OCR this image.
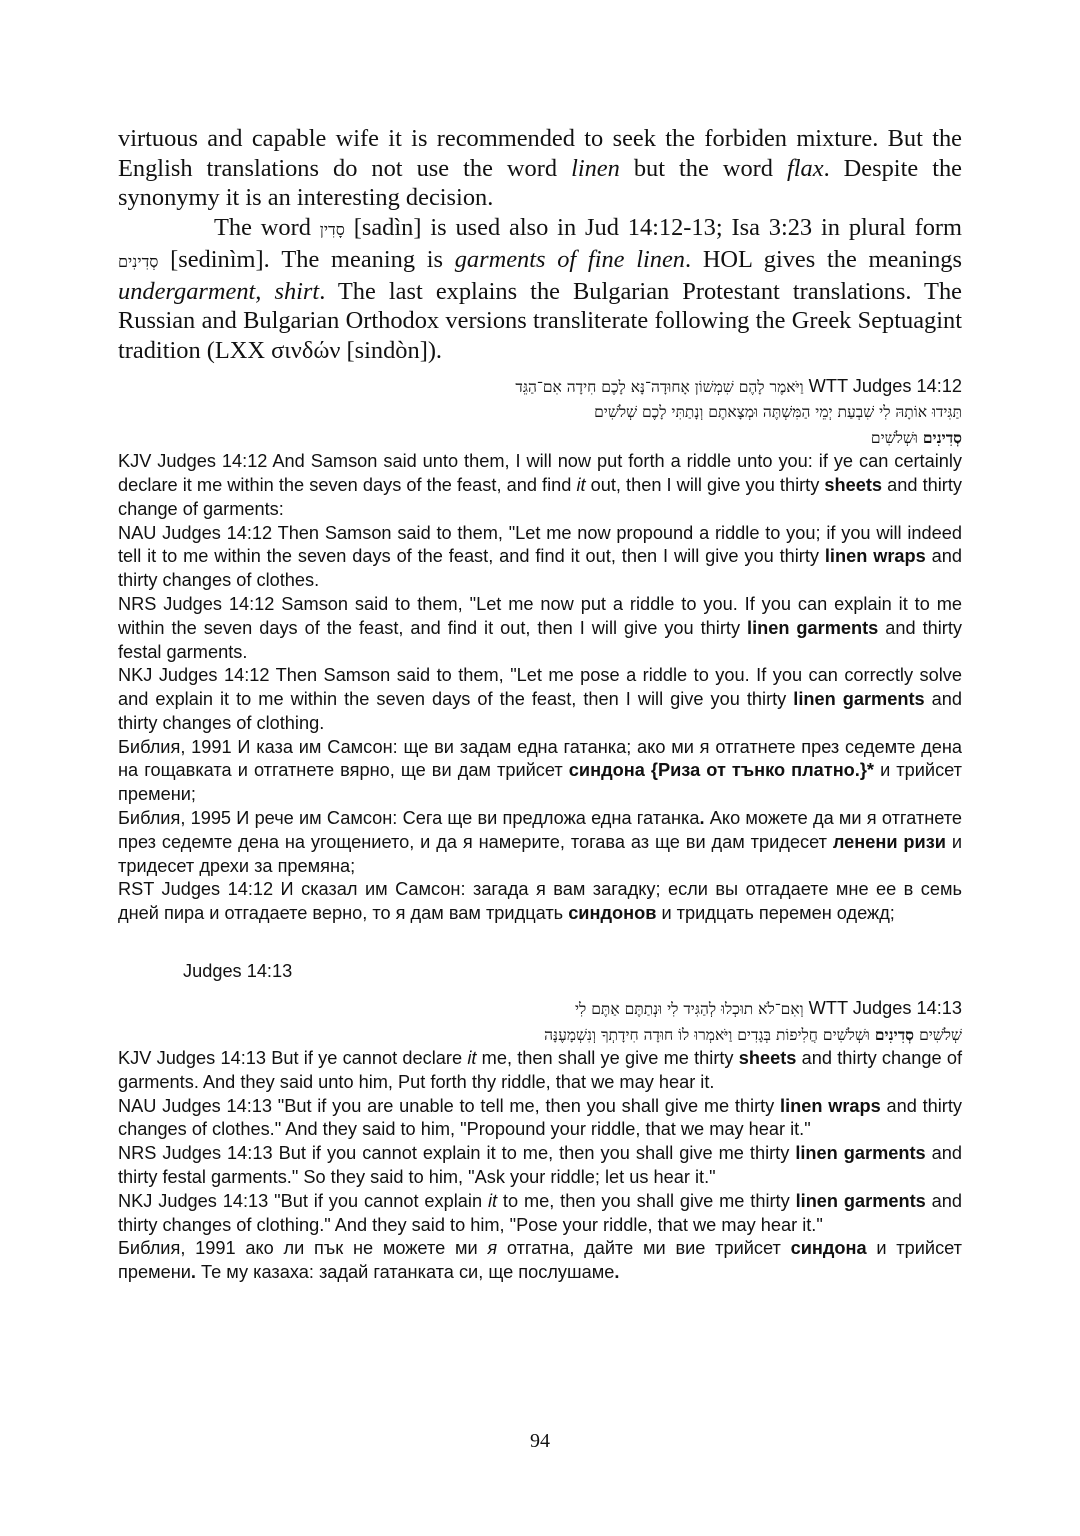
virtuous and capable wife it is recommended to seek the forbiden mixture. But the English translations do not use the word linen but the word flax. Despite the synonymy it is an interesting decision.

The word סָדִין [sadìn] is used also in Jud 14:12-13; Isa 3:23 in plural form סְדִינִים [sedinìm]. The meaning is garments of fine linen. HOL gives the meanings undergarment, shirt. The last explains the Bulgarian Protestant translations. The Russian and Bulgarian Orthodox versions transliterate following the Greek Septuagint tradition (LXX σινδών [sindòn]).

וַיֹּאמֶר לָהֶם שִׁמְשׁוֹן אָחוּדָה־נָּא לָכֶם חִידָה אִם־הַגֵּד WTT Judges 14:12
תַּגִּידוּ אוֹתָהּ לִי שִׁבְעַת יְמֵי הַמִּשְׁתֶּה וּמְצָאתֶם וְנָתַתִּי לָכֶם שְׁלֹשִׁים
וּשְׁלֹשִׁים סְדִינִים

KJV Judges 14:12 And Samson said unto them, I will now put forth a riddle unto you: if ye can certainly declare it me within the seven days of the feast, and find it out, then I will give you thirty sheets and thirty change of garments:

NAU Judges 14:12 Then Samson said to them, "Let me now propound a riddle to you; if you will indeed tell it to me within the seven days of the feast, and find it out, then I will give you thirty linen wraps and thirty changes of clothes.

NRS Judges 14:12 Samson said to them, "Let me now put a riddle to you. If you can explain it to me within the seven days of the feast, and find it out, then I will give you thirty linen garments and thirty festal garments.

NKJ Judges 14:12 Then Samson said to them, "Let me pose a riddle to you. If you can correctly solve and explain it to me within the seven days of the feast, then I will give you thirty linen garments and thirty changes of clothing.

Библия, 1991 И каза им Самсон: ще ви задам една гатанка; ако ми я отгатнете през седемте дена на гощавката и отгатнете вярно, ще ви дам трийсет синдона {Риза от тънко платно.}* и трийсет премени;

Библия, 1995 И рече им Самсон: Сега ще ви предложа една гатанка. Ако можете да ми я отгатнете през седемте дена на угощението, и да я намерите, тогава аз ще ви дам тридесет ленени ризи и тридесет дрехи за премяна;

RST Judges 14:12 И сказал им Самсон: загада я вам загадку; если вы отгадаете мне ее в семь дней пира и отгадаете верно, то я дам вам тридцать синдонов и тридцать перемен одежд;

Judges 14:13
וְאִם־לֹא תוּכְלוּ לְהַגִּיד לִי וּנְתַתֶּם אַתֶּם לִי WTT Judges 14:13
וּשְׁלֹשִׁים חֲלִיפוֹת בְּגָדִים וַיֹּאמְרוּ לוֹ חוּדָה חִידָתְךָ וְנִשְׁמָעֶנָּה סְדִינִים שְׁלֹשִׁים

KJV Judges 14:13 But if ye cannot declare it me, then shall ye give me thirty sheets and thirty change of garments. And they said unto him, Put forth thy riddle, that we may hear it.

NAU Judges 14:13 "But if you are unable to tell me, then you shall give me thirty linen wraps and thirty changes of clothes." And they said to him, "Propound your riddle, that we may hear it."

NRS Judges 14:13 But if you cannot explain it to me, then you shall give me thirty linen garments and thirty festal garments." So they said to him, "Ask your riddle; let us hear it."

NKJ Judges 14:13 "But if you cannot explain it to me, then you shall give me thirty linen garments and thirty changes of clothing." And they said to him, "Pose your riddle, that we may hear it."

Библия, 1991 ако ли пък не можете ми я отгатна, дайте ми вие трийсет синдона и трийсет премени. Те му казаха: задай гатанката си, ще послушаме.

94
